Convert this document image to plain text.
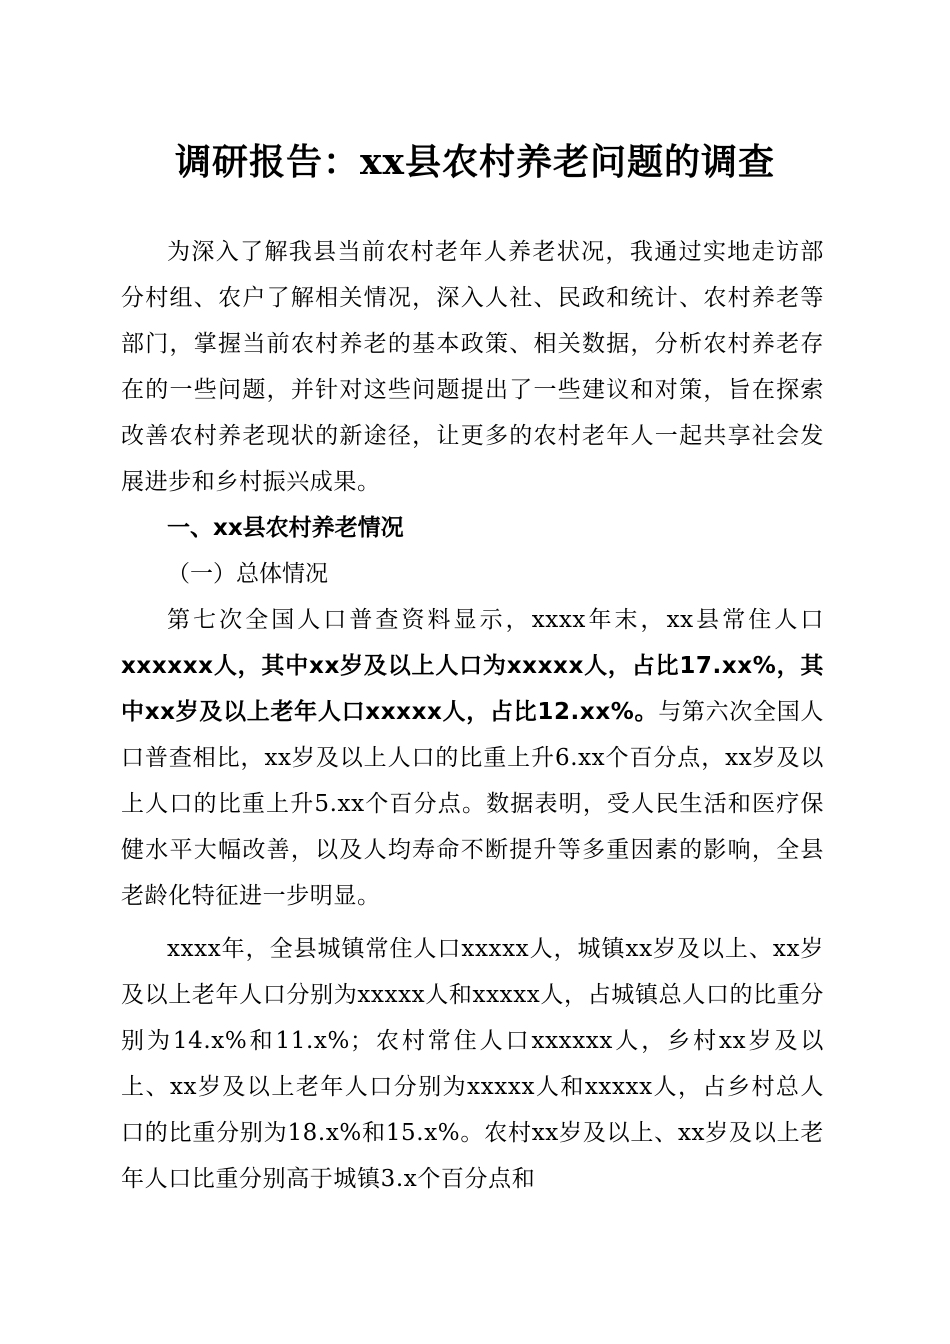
调研报告：xx县农村养老问题的调查

为深入了解我县当前农村老年人养老状况，我通过实地走访部分村组、农户了解相关情况，深入人社、民政和统计、农村养老等部门，掌握当前农村养老的基本政策、相关数据，分析农村养老存在的一些问题，并针对这些问题提出了一些建议和对策，旨在探索改善农村养老现状的新途径，让更多的农村老年人一起共享社会发展进步和乡村振兴成果。

一、xx县农村养老情况

（一）总体情况

第七次全国人口普查资料显示，xxxx年末，xx县常住人口xxxxxx人，其中xx岁及以上人口为xxxxx人，占比17.xx%，其中xx岁及以上老年人口xxxxx人，占比12.xx%。与第六次全国人口普查相比，xx岁及以上人口的比重上升6.xx个百分点，xx岁及以上人口的比重上升5.xx个百分点。数据表明，受人民生活和医疗保健水平大幅改善，以及人均寿命不断提升等多重因素的影响，全县老龄化特征进一步明显。

xxxx年，全县城镇常住人口xxxxx人，城镇xx岁及以上、xx岁及以上老年人口分别为xxxxx人和xxxxx人，占城镇总人口的比重分别为14.x%和11.x%；农村常住人口xxxxxx人，乡村xx岁及以上、xx岁及以上老年人口分别为xxxxx人和xxxxx人，占乡村总人口的比重分别为18.x%和15.x%。农村xx岁及以上、xx岁及以上老年人口比重分别高于城镇3.x个百分点和
